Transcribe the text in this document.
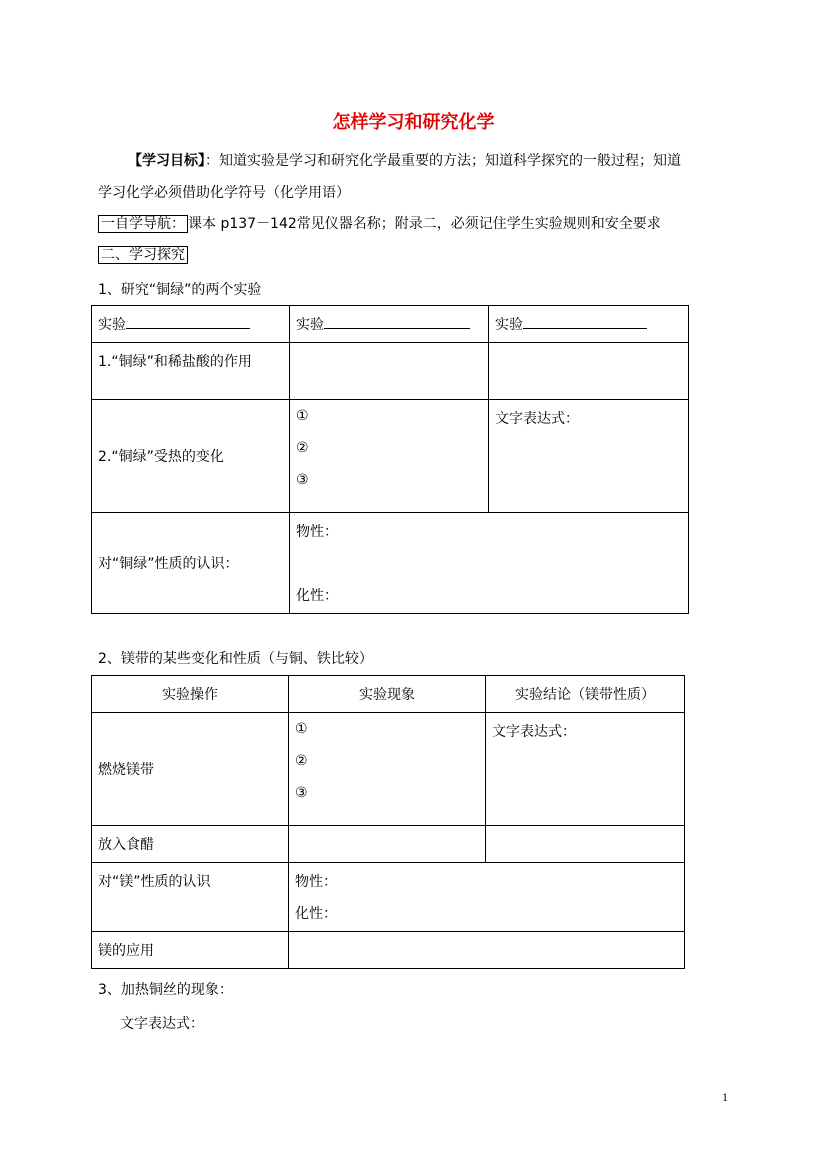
怎样学习和研究化学
【学习目标】：知道实验是学习和研究化学最重要的方法；知道科学探究的一般过程；知道
学习化学必须借助化学符号（化学用语）
一自学导航： 课本 p137－142常见仪器名称；附录二，必须记住学生实验规则和安全要求
二、学习探究
1、研究“铜绿”的两个实验
实验	实验	实验
1.“铜绿”和稀盐酸的作用		
2.“铜绿”受热的变化	①
②
③	文字表达式：
对“铜绿”性质的认识：	物性：
化性：	
2、镁带的某些变化和性质（与铜、铁比较）
实验操作	实验现象	实验结论（镁带性质）
燃烧镁带	①
②
③	文字表达式：
放入食醋		
对“镁”性质的认识	物性：
化性：	

镁的应用		
3、加热铜丝的现象：
文字表达式：
1
